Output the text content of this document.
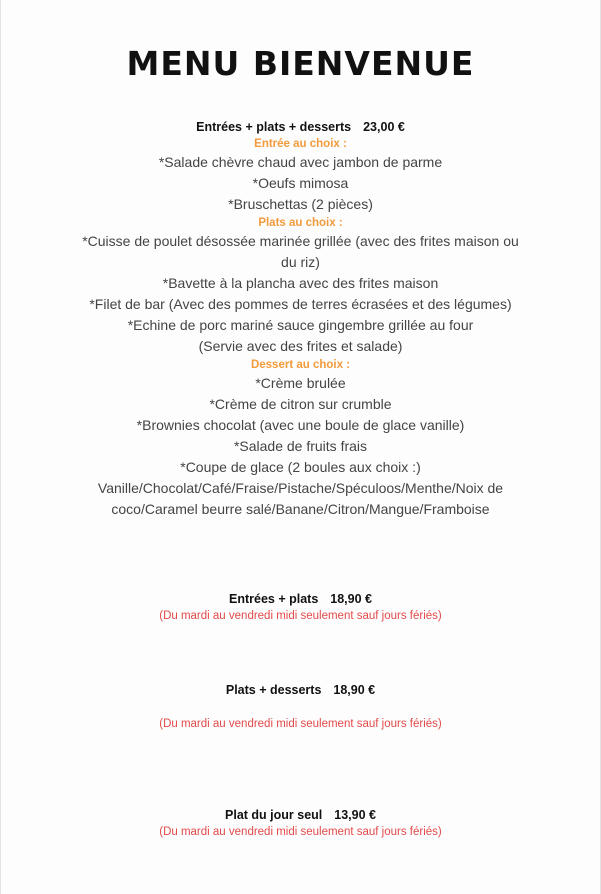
MENU BIENVENUE
Entrées + plats + desserts 23,00 €
Entrée au choix :
*Salade chèvre chaud avec jambon de parme
*Oeufs mimosa
*Bruschettas (2 pièces)
Plats au choix :
*Cuisse de poulet désossée marinée grillée (avec des frites maison ou
du riz)
*Bavette à la plancha avec des frites maison
*Filet de bar (Avec des pommes de terres écrasées et des légumes)
*Echine de porc mariné sauce gingembre grillée au four
(Servie avec des frites et salade)
Dessert au choix :
*Crème brulée
*Crème de citron sur crumble
*Brownies chocolat (avec une boule de glace vanille)
*Salade de fruits frais
*Coupe de glace (2 boules aux choix :)
Vanille/Chocolat/Café/Fraise/Pistache/Spéculoos/Menthe/Noix de
coco/Caramel beurre salé/Banane/Citron/Mangue/Framboise
Entrées + plats 18,90 €
(Du mardi au vendredi midi seulement sauf jours fériés)
Plats + desserts 18,90 €
(Du mardi au vendredi midi seulement sauf jours fériés)
Plat du jour seul 13,90 €
(Du mardi au vendredi midi seulement sauf jours fériés)
